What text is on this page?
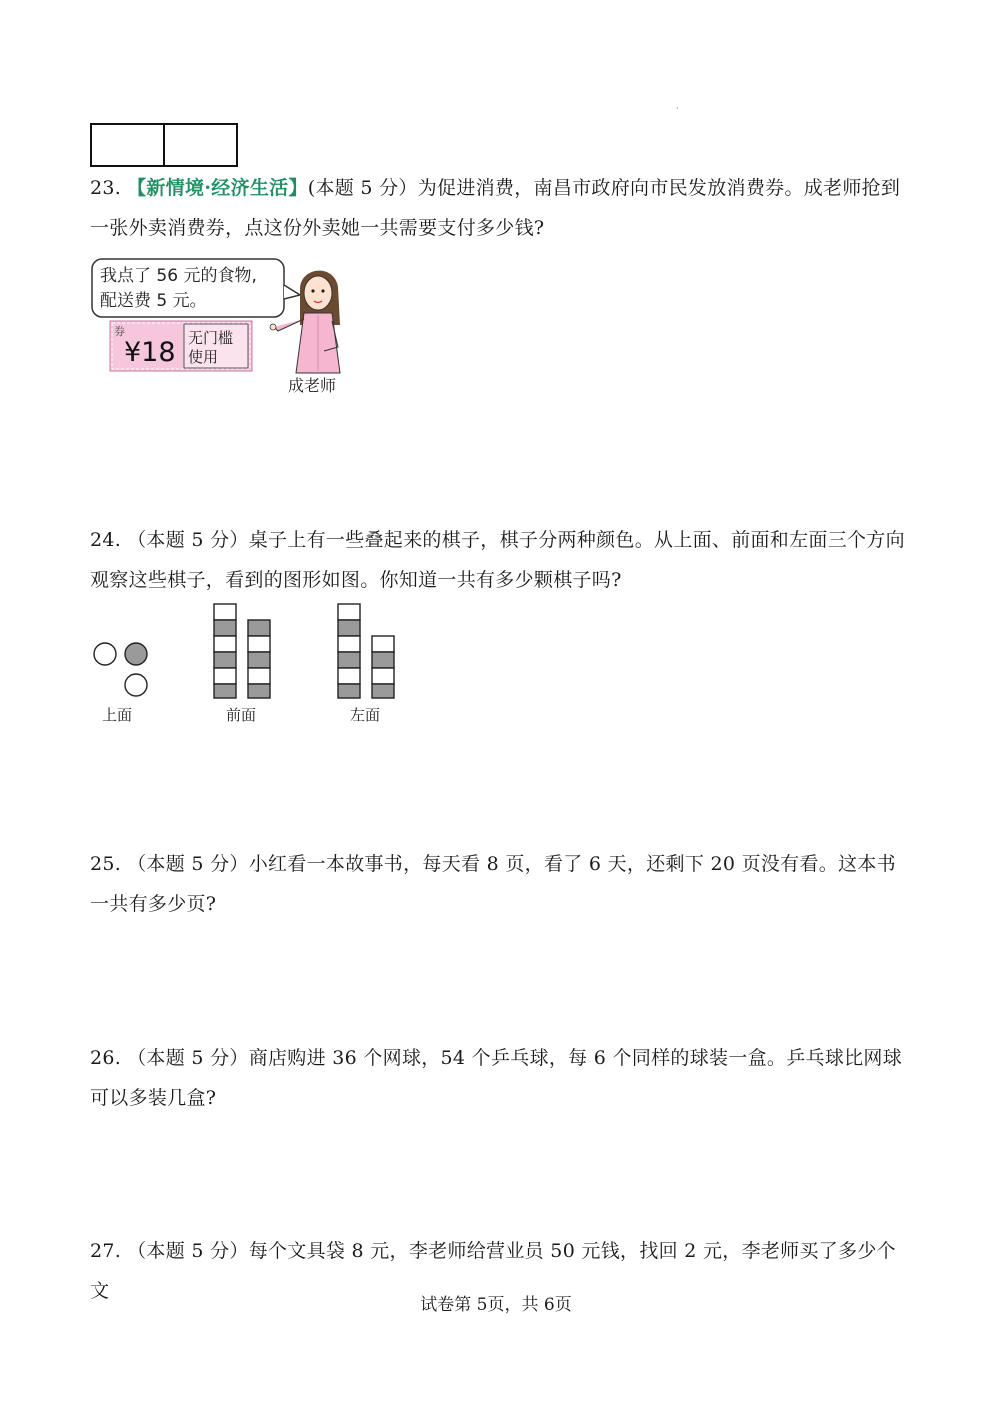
·
23. 【新情境·经济生活】(本题 5 分）为促进消费，南昌市政府向市民发放消费券。成老师抢到一张外卖消费券，点这份外卖她一共需要支付多少钱?
我点了 56 元的食物,
配送费 5 元。
券
¥18 无门槛
使用
成老师
24. （本题 5 分）桌子上有一些叠起来的棋子，棋子分两种颜色。从上面、前面和左面三个方向观察这些棋子，看到的图形如图。你知道一共有多少颗棋子吗?
上面	前面	左面
25. （本题 5 分）小红看一本故事书，每天看 8 页，看了 6 天，还剩下 20 页没有看。这本书一共有多少页?
26. （本题 5 分）商店购进 36 个网球，54 个乒乓球，每 6 个同样的球装一盒。乒乓球比网球可以多装几盒?
27. （本题 5 分）每个文具袋 8 元，李老师给营业员 50 元钱，找回 2 元，李老师买了多少个文
试卷第 5页，共 6页
